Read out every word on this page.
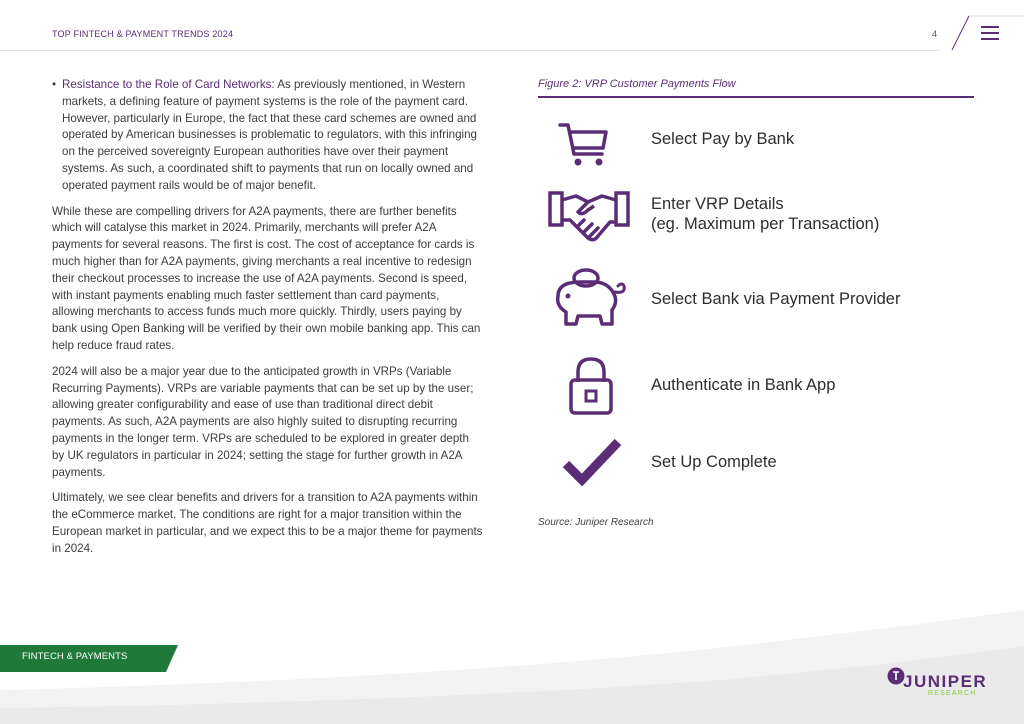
TOP FINTECH & PAYMENT TRENDS 2024	4
• Resistance to the Role of Card Networks: As previously mentioned, in Western markets, a defining feature of payment systems is the role of the payment card. However, particularly in Europe, the fact that these card schemes are owned and operated by American businesses is problematic to regulators, with this infringing on the perceived sovereignty European authorities have over their payment systems. As such, a coordinated shift to payments that run on locally owned and operated payment rails would be of major benefit.

While these are compelling drivers for A2A payments, there are further benefits which will catalyse this market in 2024. Primarily, merchants will prefer A2A payments for several reasons. The first is cost. The cost of acceptance for cards is much higher than for A2A payments, giving merchants a real incentive to redesign their checkout processes to increase the use of A2A payments. Second is speed, with instant payments enabling much faster settlement than card payments, allowing merchants to access funds much more quickly. Thirdly, users paying by bank using Open Banking will be verified by their own mobile banking app. This can help reduce fraud rates.

2024 will also be a major year due to the anticipated growth in VRPs (Variable Recurring Payments). VRPs are variable payments that can be set up by the user; allowing greater configurability and ease of use than traditional direct debit payments. As such, A2A payments are also highly suited to disrupting recurring payments in the longer term. VRPs are scheduled to be explored in greater depth by UK regulators in particular in 2024; setting the stage for further growth in A2A payments.

Ultimately, we see clear benefits and drivers for a transition to A2A payments within the eCommerce market. The conditions are right for a major transition within the European market in particular, and we expect this to be a major theme for payments in 2024.

Figure 2: VRP Customer Payments Flow
Select Pay by Bank
Enter VRP Details
(eg. Maximum per Transaction)
Select Bank via Payment Provider
Authenticate in Bank App
Set Up Complete
Source: Juniper Research
FINTECH & PAYMENTS
JUNIPER
RESEARCH
